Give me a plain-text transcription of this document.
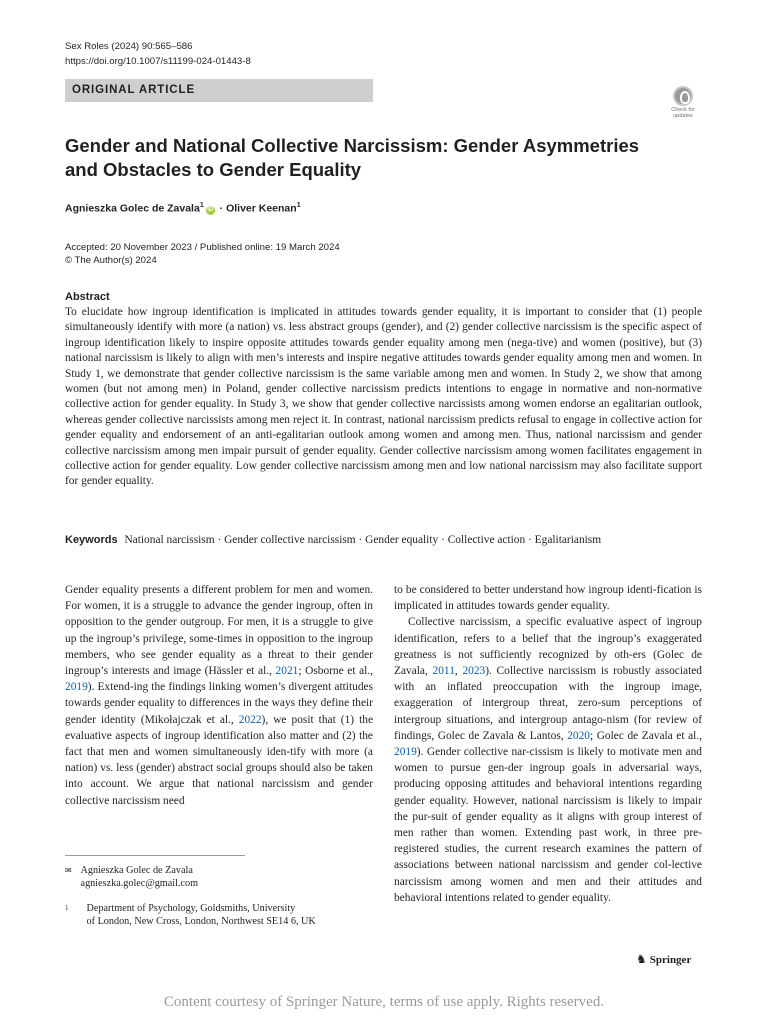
Sex Roles (2024) 90:565–586
https://doi.org/10.1007/s11199-024-01443-8
ORIGINAL ARTICLE
Check for
updates
Gender and National Collective Narcissism: Gender Asymmetries and Obstacles to Gender Equality
Agnieszka Golec de Zavala$^1$iD · Oliver Keenan$^1$
Accepted: 20 November 2023 / Published online: 19 March 2024
© The Author(s) 2024
Abstract
To elucidate how ingroup identification is implicated in attitudes towards gender equality, it is important to consider that (1) people simultaneously identify with more (a nation) vs. less abstract groups (gender), and (2) gender collective narcissism is the specific aspect of ingroup identification likely to inspire opposite attitudes towards gender equality among men (nega-tive) and women (positive), but (3) national narcissism is likely to align with men’s interests and inspire negative attitudes towards gender equality among men and women. In Study 1, we demonstrate that gender collective narcissism is the same variable among men and women. In Study 2, we show that among women (but not among men) in Poland, gender collective narcissism predicts intentions to engage in normative and non-normative collective action for gender equality. In Study 3, we show that gender collective narcissists among women endorse an egalitarian outlook, whereas gender collective narcissists among men reject it. In contrast, national narcissism predicts refusal to engage in collective action for gender equality and endorsement of an anti-egalitarian outlook among women and among men. Thus, national narcissism and gender collective narcissism among men impair pursuit of gender equality. Gender collective narcissism among women facilitates engagement in collective action for gender equality. Low gender collective narcissism among men and low national narcissism may also facilitate support for gender equality.
Keywords National narcissism · Gender collective narcissism · Gender equality · Collective action · Egalitarianism

Gender equality presents a different problem for men and women. For women, it is a struggle to advance the gender ingroup, often in opposition to the gender outgroup. For men, it is a struggle to give up the ingroup’s privilege, some-times in opposition to the ingroup members, who see gender equality as a threat to their gender ingroup’s interests and image (Hässler et al., 2021; Osborne et al., 2019). Extend-ing the findings linking women’s divergent attitudes towards gender equality to differences in the ways they define their gender identity (Mikołajczak et al., 2022), we posit that (1) the evaluative aspects of ingroup identification also matter and (2) the fact that men and women simultaneously iden-tify with more (a nation) vs. less (gender) abstract social groups should also be taken into account. We argue that national narcissism and gender collective narcissism need

to be considered to better understand how ingroup identi-fication is implicated in attitudes towards gender equality.

Collective narcissism, a specific evaluative aspect of ingroup identification, refers to a belief that the ingroup’s exaggerated greatness is not sufficiently recognized by oth-ers (Golec de Zavala, 2011, 2023). Collective narcissism is robustly associated with an inflated preoccupation with the ingroup image, exaggeration of intergroup threat, zero-sum perceptions of intergroup situations, and intergroup antago-nism (for review of findings, Golec de Zavala & Lantos, 2020; Golec de Zavala et al., 2019). Gender collective nar-cissism is likely to motivate men and women to pursue gen-der ingroup goals in adversarial ways, producing opposing attitudes and behavioral intentions regarding gender equality. However, national narcissism is likely to impair the pur-suit of gender equality as it aligns with group interest of men rather than women. Extending past work, in three pre-registered studies, the current research examines the pattern of associations between national narcissism and gender col-lective narcissism among women and men and their attitudes and behavioral intentions related to gender equality.

✉ Agnieszka Golec de Zavala
agnieszka.golec@gmail.com
1 Department of Psychology, Goldsmiths, University
of London, New Cross, London, Northwest SE14 6, UK
♞ Springer
Content courtesy of Springer Nature, terms of use apply. Rights reserved.
